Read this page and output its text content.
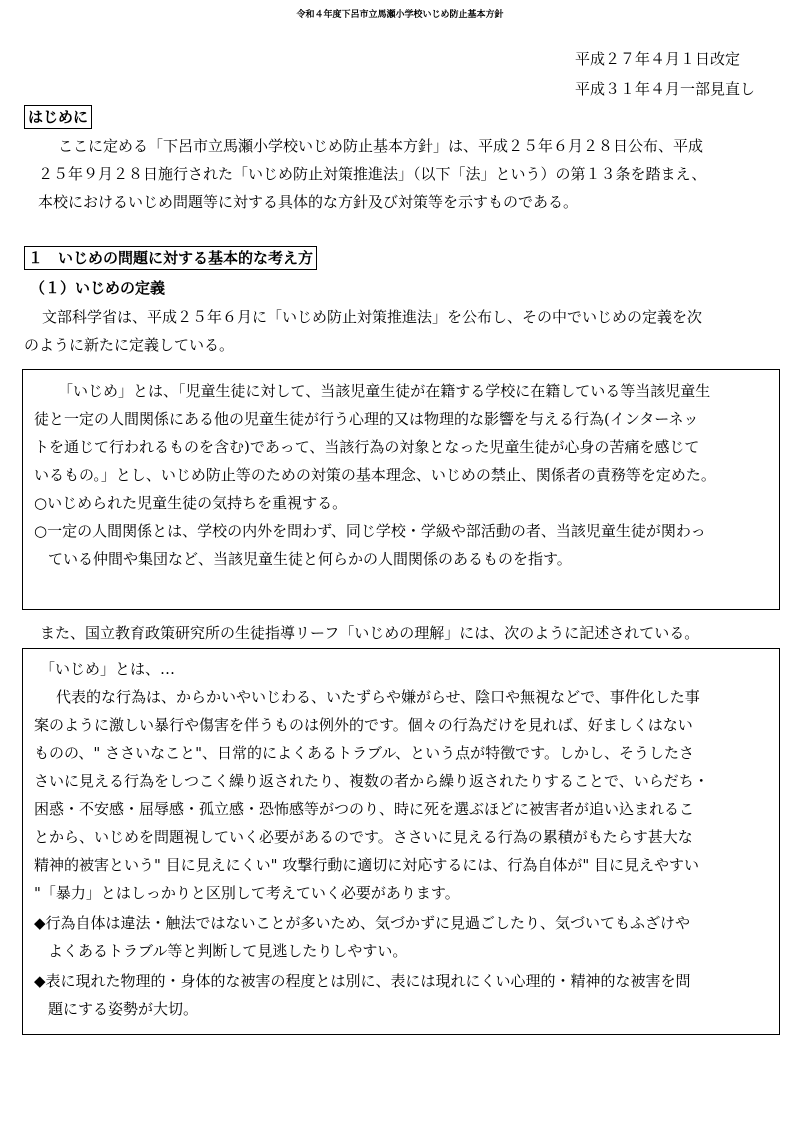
令和４年度下呂市立馬瀬小学校いじめ防止基本方針
平成２７年４月１日改定
平成３１年４月一部見直し
はじめに
ここに定める「下呂市立馬瀬小学校いじめ防止基本方針」は、平成２５年６月２８日公布、平成
２５年９月２８日施行された「いじめ防止対策推進法」（以下「法」という）の第１３条を踏まえ、
本校におけるいじめ問題等に対する具体的な方針及び対策等を示すものである。
１　いじめの問題に対する基本的な考え方
（１）いじめの定義
文部科学省は、平成２５年６月に「いじめ防止対策推進法」を公布し、その中でいじめの定義を次
のように新たに定義している。
「いじめ」とは、「児童生徒に対して、当該児童生徒が在籍する学校に在籍している等当該児童生
徒と一定の人間関係にある他の児童生徒が行う心理的又は物理的な影響を与える行為(インターネッ
トを通じて行われるものを含む)であって、当該行為の対象となった児童生徒が心身の苦痛を感じて
いるもの。」とし、いじめ防止等のための対策の基本理念、いじめの禁止、関係者の責務等を定めた。
○いじめられた児童生徒の気持ちを重視する。
○一定の人間関係とは、学校の内外を問わず、同じ学校・学級や部活動の者、当該児童生徒が関わっ
ている仲間や集団など、当該児童生徒と何らかの人間関係のあるものを指す。
また、国立教育政策研究所の生徒指導リーフ「いじめの理解」には、次のように記述されている。
「いじめ」とは、…
代表的な行為は、からかいやいじわる、いたずらや嫌がらせ、陰口や無視などで、事件化した事
案のように激しい暴行や傷害を伴うものは例外的です。個々の行為だけを見れば、好ましくはない
ものの、" ささいなこと"、日常的によくあるトラブル、という点が特徴です。しかし、そうしたさ
さいに見える行為をしつこく繰り返されたり、複数の者から繰り返されたりすることで、いらだち・
困惑・不安感・屈辱感・孤立感・恐怖感等がつのり、時に死を選ぶほどに被害者が追い込まれるこ
とから、いじめを問題視していく必要があるのです。ささいに見える行為の累積がもたらす甚大な
精神的被害という" 目に見えにくい" 攻撃行動に適切に対応するには、行為自体が" 目に見えやすい
"「暴力」とはしっかりと区別して考えていく必要があります。
◆行為自体は違法・触法ではないことが多いため、気づかずに見過ごしたり、気づいてもふざけや
よくあるトラブル等と判断して見逃したりしやすい。
◆表に現れた物理的・身体的な被害の程度とは別に、表には現れにくい心理的・精神的な被害を問
題にする姿勢が大切。
